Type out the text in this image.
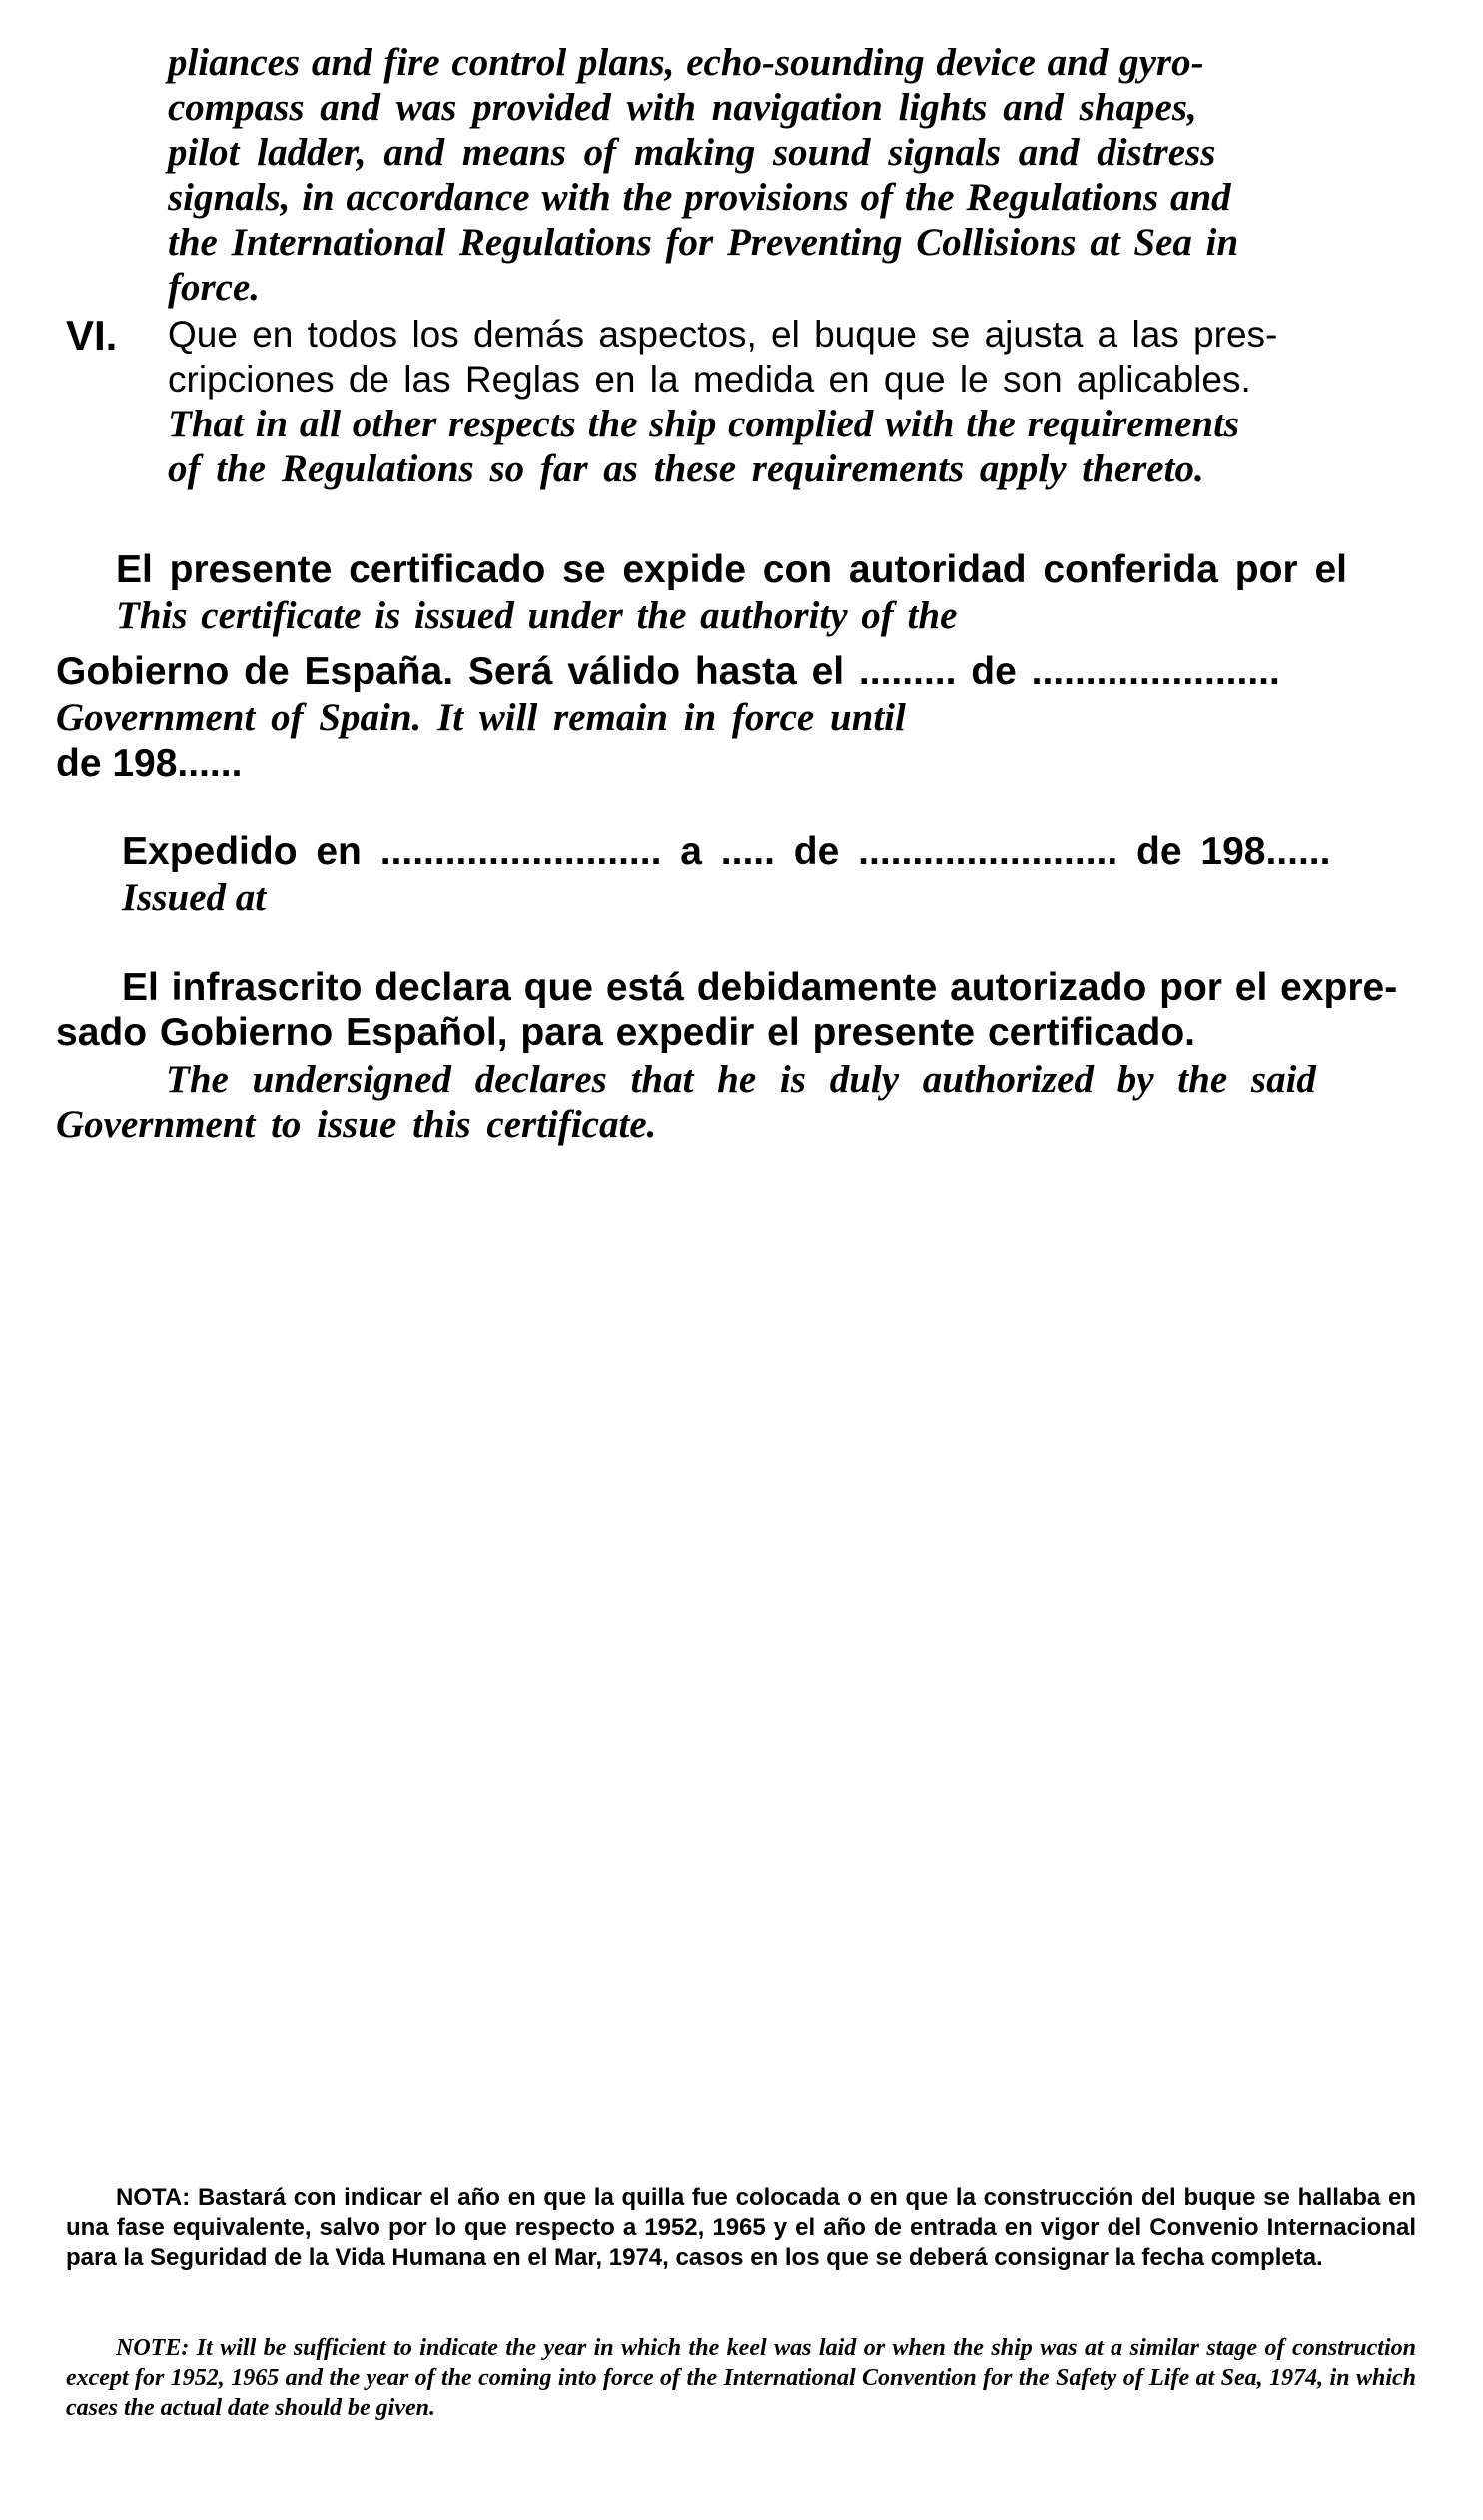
pliances and fire control plans, echo-sounding device and gyro-
compass and was provided with navigation lights and shapes,
pilot ladder, and means of making sound signals and distress
signals, in accordance with the provisions of the Regulations and
the International Regulations for Preventing Collisions at Sea in
force.
VI. Que en todos los demás aspectos, el buque se ajusta a las pres-
cripciones de las Reglas en la medida en que le son aplicables.
That in all other respects the ship complied with the requirements
of the Regulations so far as these requirements apply thereto.
El presente certificado se expide con autoridad conferida por el
This certificate is issued under the authority of the
Gobierno de España. Será válido hasta el ......... de .......................
Government of Spain. It will remain in force until
de 198......
Expedido en .......................... a ..... de ........................ de 198......
Issued at
El infrascrito declara que está debidamente autorizado por el expre-
sado Gobierno Español, para expedir el presente certificado.
The undersigned declares that he is duly authorized by the said
Government to issue this certificate.
NOTA: Bastará con indicar el año en que la quilla fue colocada o en que la construcción del buque se hallaba en una fase equivalente, salvo por lo que respecto a 1952, 1965 y el año de entrada en vigor del Convenio Internacional para la Seguridad de la Vida Humana en el Mar, 1974, casos en los que se deberá consignar la fecha completa.
NOTE: It will be sufficient to indicate the year in which the keel was laid or when the ship was at a similar stage of construction except for 1952, 1965 and the year of the coming into force of the International Convention for the Safety of Life at Sea, 1974, in which cases the actual date should be given.
